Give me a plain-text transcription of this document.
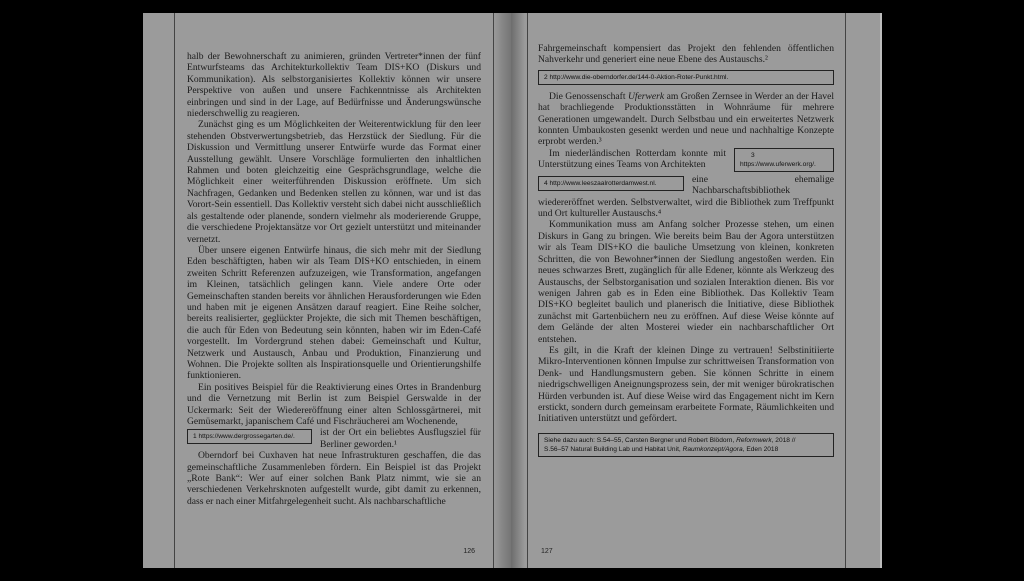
halb der Bewohnerschaft zu animieren, gründen Vertreter*innen der fünf Entwurfsteams das Architekturkollektiv Team DIS+KO (Diskurs und Kommunikation). Als selbstorganisiertes Kollektiv können wir unsere Perspektive von außen und unsere Fachkenntnisse als Architekten einbringen und sind in der Lage, auf Bedürfnisse und Änderungswünsche niederschwellig zu reagieren.

Zunächst ging es um Möglichkeiten der Weiterentwicklung für den leer stehenden Obstverwertungsbetrieb, das Herzstück der Siedlung. Für die Diskussion und Vermittlung unserer Entwürfe wurde das Format einer Ausstellung gewählt. Unsere Vorschläge formulierten den inhaltlichen Rahmen und boten gleichzeitig eine Gesprächsgrundlage, welche die Möglichkeit einer weiterführenden Diskussion eröffnete. Um sich Nachfragen, Gedanken und Bedenken stellen zu können, war und ist das Vorort-Sein essentiell. Das Kollektiv versteht sich dabei nicht ausschließlich als gestaltende oder planende, sondern vielmehr als moderierende Gruppe, die verschiedene Projektansätze vor Ort gezielt unterstützt und miteinander vernetzt.

Über unsere eigenen Entwürfe hinaus, die sich mehr mit der Siedlung Eden beschäftigten, haben wir als Team DIS+KO entschieden, in einem zweiten Schritt Referenzen aufzuzeigen, wie Transformation, angefangen im Kleinen, tatsächlich gelingen kann. Viele andere Orte oder Gemeinschaften standen bereits vor ähnlichen Herausforderungen wie Eden und haben mit je eigenen Ansätzen darauf reagiert. Eine Reihe solcher, bereits realisierter, geglückter Projekte, die sich mit Themen beschäftigen, die auch für Eden von Bedeutung sein könnten, haben wir im Eden-Café vorgestellt. Im Vordergrund stehen dabei: Gemeinschaft und Kultur, Netzwerk und Austausch, Anbau und Produktion, Finanzierung und Wohnen. Die Projekte sollten als Inspirationsquelle und Orientierungshilfe funktionieren.

Ein positives Beispiel für die Reaktivierung eines Ortes in Brandenburg und die Vernetzung mit Berlin ist zum Beispiel Gerswalde in der Uckermark: Seit der Wiedereröffnung einer alten Schlossgärtnerei, mit Gemüsemarkt, japanischem Café und Fischräucherei am Wochenende,

1 https://www.dergrossegarten.de/.	ist der Ort ein beliebtes Ausflugsziel für Berliner geworden.¹

Oberndorf bei Cuxhaven hat neue Infrastrukturen geschaffen, die das gemeinschaftliche Zusammenleben fördern. Ein Beispiel ist das Projekt „Rote Bank“: Wer auf einer solchen Bank Platz nimmt, wie sie an verschiedenen Verkehrsknoten aufgestellt wurde, gibt damit zu erkennen, dass er nach einer Mitfahrgelegenheit sucht. Als nachbarschaftliche

126

Fahrgemeinschaft kompensiert das Projekt den fehlenden öffentlichen Nahverkehr und generiert eine neue Ebene des Austauschs.²

2 http://www.die-oberndorfer.de/144-0-Aktion-Roter-Punkt.html.

Die Genossenschaft Uferwerk am Großen Zernsee in Werder an der Havel hat brachliegende Produktionsstätten in Wohnräume für mehrere Generationen umgewandelt. Durch Selbstbau und ein erweitertes Netzwerk konnten Umbaukosten gesenkt werden und neue und nachhaltige Konzepte erprobt werden.³

3 https://www.uferwerk.org/.
Im niederländischen Rotterdam konnte mit Unterstützung eines Teams von Architekten

4 http://www.leeszaalrotterdamwest.nl.	eine ehemalige Nachbarschaftsbibliothek wiedereröffnet werden. Selbstverwaltet, wird die Bibliothek zum Treffpunkt und Ort kultureller Austauschs.⁴

Kommunikation muss am Anfang solcher Prozesse stehen, um einen Diskurs in Gang zu bringen. Wie bereits beim Bau der Agora unterstützen wir als Team DIS+KO die bauliche Umsetzung von kleinen, konkreten Schritten, die von Bewohner*innen der Siedlung angestoßen werden. Ein neues schwarzes Brett, zugänglich für alle Edener, könnte als Werkzeug des Austauschs, der Selbstorganisation und sozialen Interaktion dienen. Bis vor wenigen Jahren gab es in Eden eine Bibliothek. Das Kollektiv Team DIS+KO begleitet baulich und planerisch die Initiative, diese Bibliothek zunächst mit Gartenbüchern neu zu eröffnen. Auf diese Weise könnte auf dem Gelände der alten Mosterei wieder ein nachbarschaftlicher Ort entstehen.

Es gilt, in die Kraft der kleinen Dinge zu vertrauen! Selbstinitiierte Mikro-Interventionen können Impulse zur schrittweisen Transformation von Denk- und Handlungsmustern geben. Sie können Schritte in einem niedrigschwelligen Aneignungsprozess sein, der mit weniger bürokratischen Hürden verbunden ist. Auf diese Weise wird das Engagement nicht im Kern erstickt, sondern durch gemeinsam erarbeitete Formate, Räumlichkeiten und Initiativen unterstützt und gefördert.

Siehe dazu auch: S.54–55, Carsten Bergner und Robert Blödorn, Reformwerk, 2018 //
S.56–57 Natural Building Lab und Habitat Unit, Raumkonzept/Agora, Eden 2018
127
